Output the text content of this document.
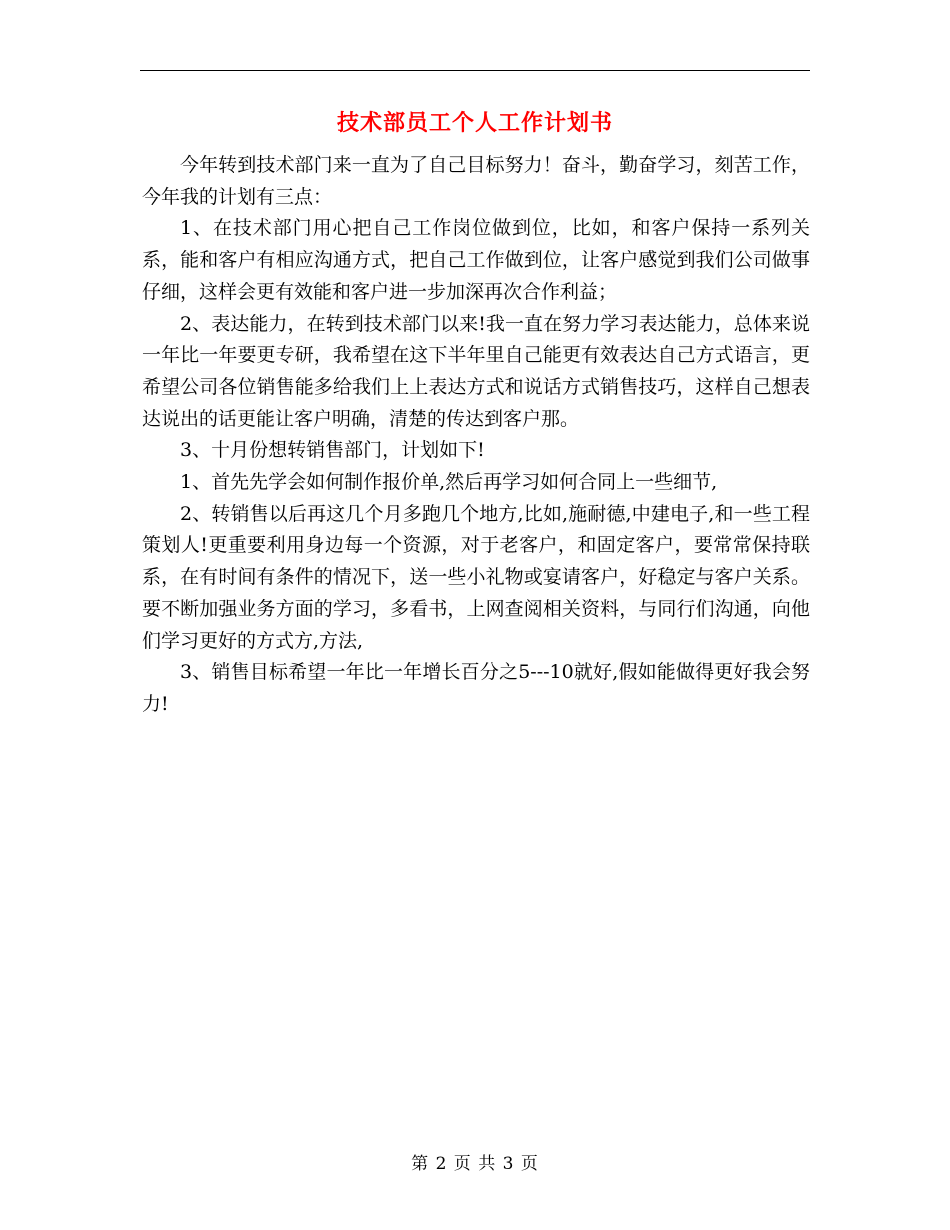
技术部员工个人工作计划书

今年转到技术部门来一直为了自己目标努力！奋斗，勤奋学习，刻苦工作，今年我的计划有三点：

1、在技术部门用心把自己工作岗位做到位，比如，和客户保持一系列关系，能和客户有相应沟通方式，把自己工作做到位，让客户感觉到我们公司做事仔细，这样会更有效能和客户进一步加深再次合作利益；

2、表达能力，在转到技术部门以来!我一直在努力学习表达能力，总体来说一年比一年要更专研，我希望在这下半年里自己能更有效表达自己方式语言，更希望公司各位销售能多给我们上上表达方式和说话方式销售技巧，这样自己想表达说出的话更能让客户明确，清楚的传达到客户那。

3、十月份想转销售部门，计划如下!

1、首先先学会如何制作报价单,然后再学习如何合同上一些细节,

2、转销售以后再这几个月多跑几个地方,比如,施耐德,中建电子,和一些工程策划人!更重要利用身边每一个资源，对于老客户，和固定客户，要常常保持联系，在有时间有条件的情况下，送一些小礼物或宴请客户，好稳定与客户关系。要不断加强业务方面的学习，多看书，上网查阅相关资料，与同行们沟通，向他们学习更好的方式方,方法,

3、销售目标希望一年比一年增长百分之5---10就好,假如能做得更好我会努力!

第 2 页 共 3 页
